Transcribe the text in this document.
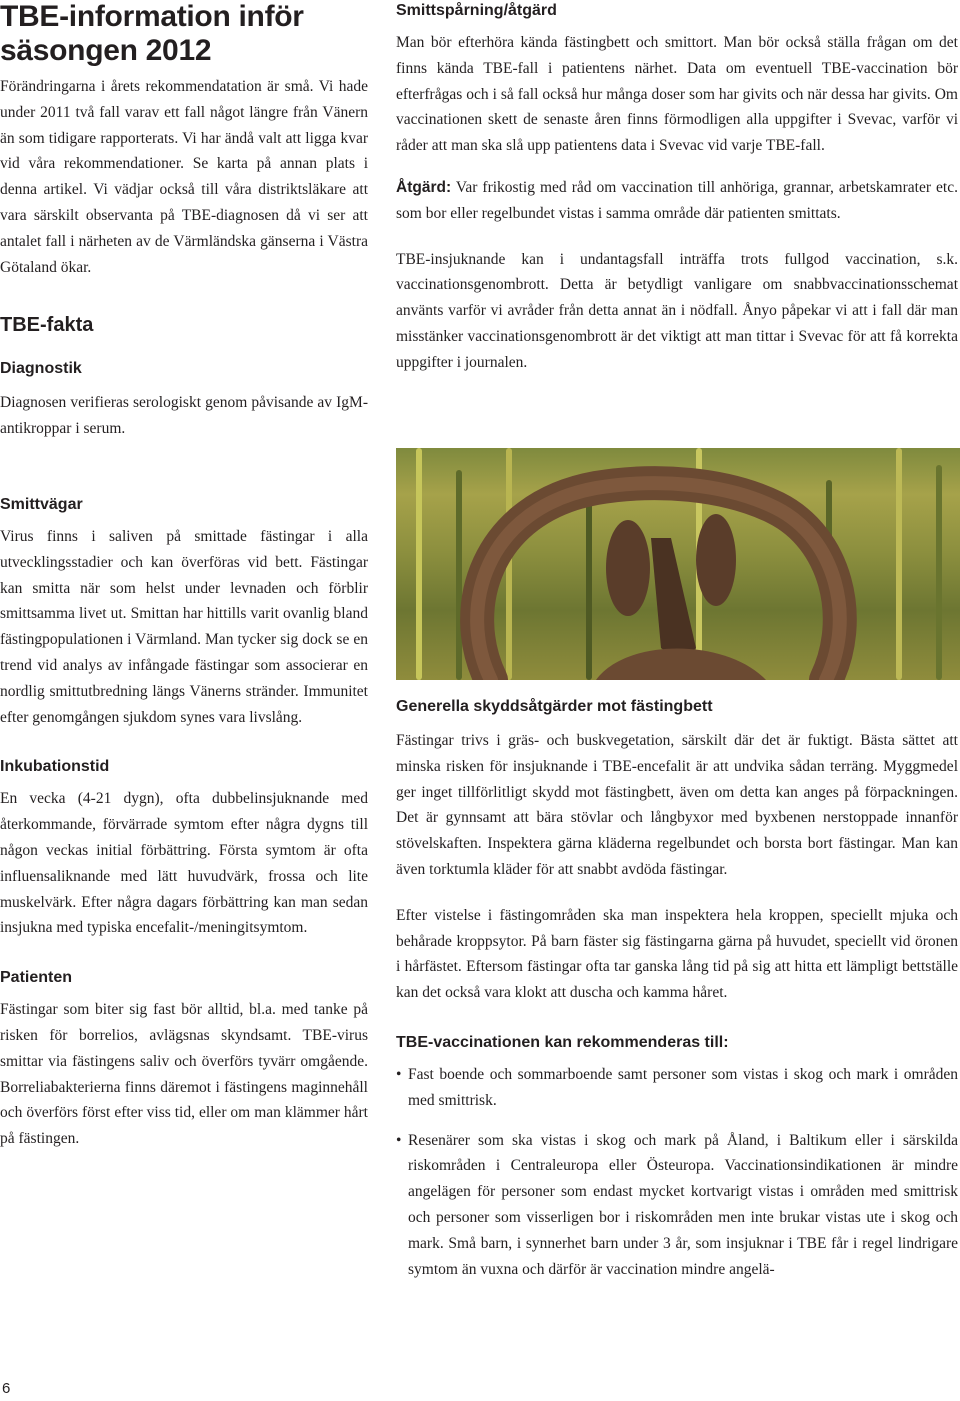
TBE-information inför säsongen 2012

Förändringarna i årets rekommendatation är små. Vi hade under 2011 två fall varav ett fall något längre från Vänern än som tidigare rapporterats. Vi har ändå valt att ligga kvar vid våra rekommendationer. Se karta på annan plats i denna artikel. Vi vädjar också till våra distriktsläkare att vara särskilt observanta på TBE-diagnosen då vi ser att antalet fall i närheten av de Värmländska gänserna i Västra Götaland ökar.

TBE-fakta
Diagnostik

Diagnosen verifieras serologiskt genom påvisande av IgM-antikroppar i serum.

Smittspårning/åtgärd

Man bör efterhöra kända fästingbett och smittort. Man bör också ställa frågan om det finns kända TBE-fall i patientens närhet. Data om eventuell TBE-vaccination bör efterfrågas och i så fall också hur många doser som har givits och när dessa har givits. Om vaccinationen skett de senaste åren finns förmodligen alla uppgifter i Svevac, varför vi råder att man ska slå upp patientens data i Svevac vid varje TBE-fall.

Åtgärd: Var frikostig med råd om vaccination till anhöriga, grannar, arbetskamrater etc. som bor eller regelbundet vistas i samma område där patienten smittats.

TBE-insjuknande kan i undantagsfall inträffa trots fullgod vaccination, s.k. vaccinationsgenombrott. Detta är betydligt vanligare om snabbvaccinationsschemat använts varför vi avråder från detta annat än i nödfall. Ånyo påpekar vi att i fall där man misstänker vaccinationsgenombrott är det viktigt att man tittar i Svevac för att få korrekta uppgifter i journalen.

Smittvägar

Virus finns i saliven på smittade fästingar i alla utvecklingsstadier och kan överföras vid bett. Fästingar kan smitta när som helst under levnaden och förblir smittsamma livet ut. Smittan har hittills varit ovanlig bland fästingpopulationen i Värmland. Man tycker sig dock se en trend vid analys av infångade fästingar som associerar en nordlig smittutbredning längs Vänerns stränder. Immunitet efter genomgången sjukdom synes vara livslång.

Inkubationstid

En vecka (4-21 dygn), ofta dubbelinsjuknande med återkommande, förvärrade symtom efter några dygns till någon veckas initial förbättring. Första symtom är ofta influensaliknande med lätt huvudvärk, frossa och lite muskelvärk. Efter några dagars förbättring kan man sedan insjukna med typiska encefalit-/meningitsymtom.

Patienten

Fästingar som biter sig fast bör alltid, bl.a. med tanke på risken för borrelios, avlägsnas skyndsamt. TBE-virus smittar via fästingens saliv och överförs tyvärr omgående. Borreliabakterierna finns däremot i fästingens maginnehåll och överförs först efter viss tid, eller om man klämmer hårt på fästingen.

Generella skyddsåtgärder mot fästingbett

Fästingar trivs i gräs- och buskvegetation, särskilt där det är fuktigt. Bästa sättet att minska risken för insjuknande i TBE-encefalit är att undvika sådan terräng. Myggmedel ger inget tillförlitligt skydd mot fästingbett, även om detta kan anges på förpackningen. Det är gynnsamt att bära stövlar och långbyxor med byxbenen nerstoppade innanför stövelskaften. Inspektera gärna kläderna regelbundet och borsta bort fästingar. Man kan även torktumla kläder för att snabbt avdöda fästingar.

Efter vistelse i fästingområden ska man inspektera hela kroppen, speciellt mjuka och behårade kroppsytor. På barn fäster sig fästingarna gärna på huvudet, speciellt vid öronen i hårfästet. Eftersom fästingar ofta tar ganska lång tid på sig att hitta ett lämpligt bettställe kan det också vara klokt att duscha och kamma håret.

TBE-vaccinationen kan rekommenderas till:
• Fast boende och sommarboende samt personer som vistas i skog och mark i områden med smittrisk.
• Resenärer som ska vistas i skog och mark på Åland, i Baltikum eller i särskilda riskområden i Centraleuropa eller Östeuropa. Vaccinationsindikationen är mindre angelägen för personer som endast mycket kortvarigt vistas i områden med smittrisk och personer som visserligen bor i riskområden men inte brukar vistas ute i skog och mark. Små barn, i synnerhet barn under 3 år, som insjuknar i TBE får i regel lindrigare symtom än vuxna och därför är vaccination mindre angelä-
6
